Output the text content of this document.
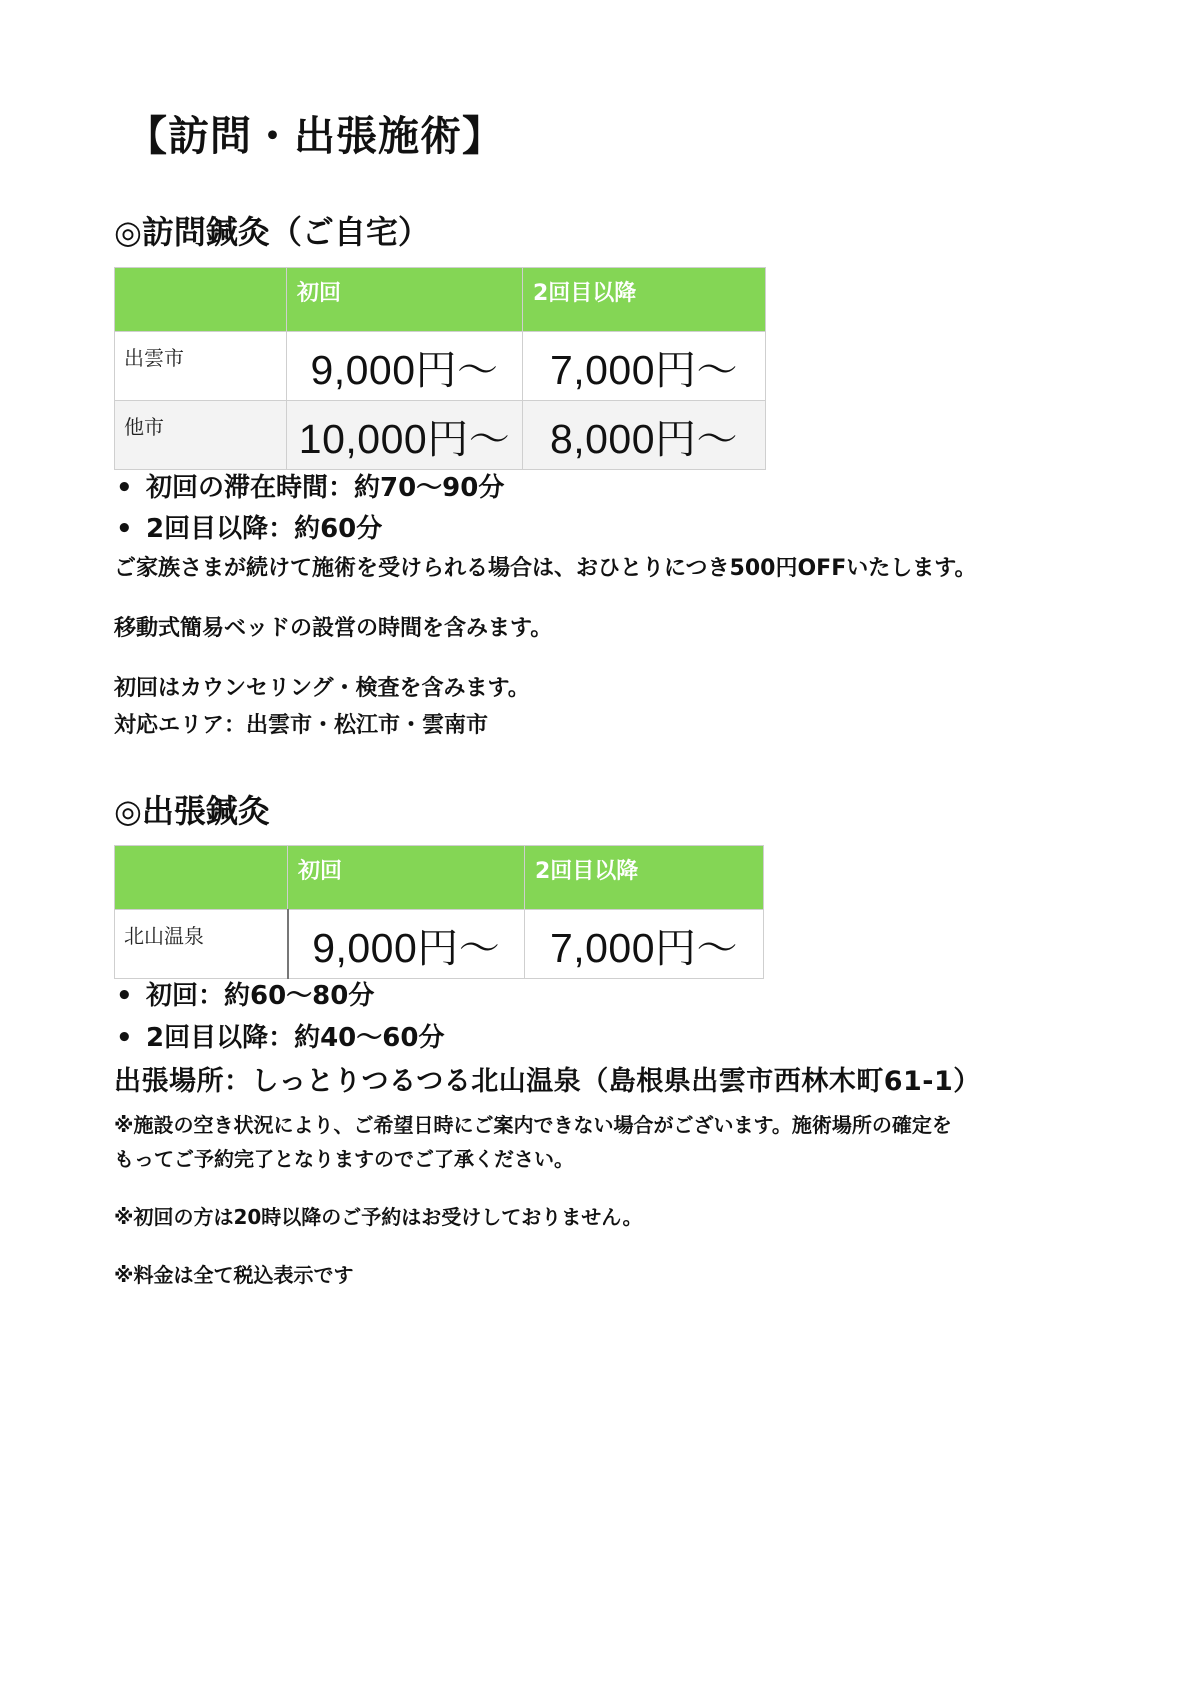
【訪問・出張施術】
◎訪問鍼灸（ご自宅）
	初回	2回目以降
出雲市	9,000円〜	7,000円〜
他市	10,000円〜	8,000円〜
• 初回の滞在時間：約70〜90分
• 2回目以降：約60分
ご家族さまが続けて施術を受けられる場合は、おひとりにつき500円OFFいたします。
移動式簡易ベッドの設営の時間を含みます。
初回はカウンセリング・検査を含みます。
対応エリア：出雲市・松江市・雲南市
◎出張鍼灸
	初回	2回目以降
北山温泉	9,000円〜	7,000円〜
• 初回：約60〜80分
• 2回目以降：約40〜60分
出張場所：しっとりつるつる北山温泉（島根県出雲市西林木町61-1）
※施設の空き状況により、ご希望日時にご案内できない場合がございます。施術場所の確定を
もってご予約完了となりますのでご了承ください。
※初回の方は20時以降のご予約はお受けしておりません。
※料金は全て税込表示です
